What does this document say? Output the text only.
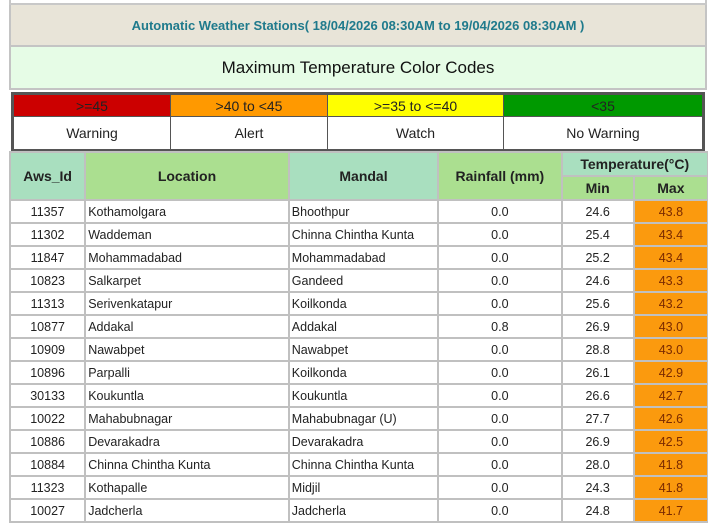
Automatic Weather Stations( 18/04/2026 08:30AM to 19/04/2026 08:30AM )
Maximum Temperature Color Codes
>=45	>40 to <45	>=35 to <=40	<35
Warning	Alert	Watch	No Warning
Aws_Id	Location	Mandal	Rainfall (mm)	Temperature(°C)	
				Min	Max
11357	Kothamolgara	Bhoothpur	0.0	24.6	43.8
11302	Waddeman	Chinna Chintha Kunta	0.0	25.4	43.4
11847	Mohammadabad	Mohammadabad	0.0	25.2	43.4
10823	Salkarpet	Gandeed	0.0	24.6	43.3
11313	Serivenkatapur	Koilkonda	0.0	25.6	43.2
10877	Addakal	Addakal	0.8	26.9	43.0
10909	Nawabpet	Nawabpet	0.0	28.8	43.0
10896	Parpalli	Koilkonda	0.0	26.1	42.9
30133	Koukuntla	Koukuntla	0.0	26.6	42.7
10022	Mahabubnagar	Mahabubnagar (U)	0.0	27.7	42.6
10886	Devarakadra	Devarakadra	0.0	26.9	42.5
10884	Chinna Chintha Kunta	Chinna Chintha Kunta	0.0	28.0	41.8
11323	Kothapalle	Midjil	0.0	24.3	41.8
10027	Jadcherla	Jadcherla	0.0	24.8	41.7
